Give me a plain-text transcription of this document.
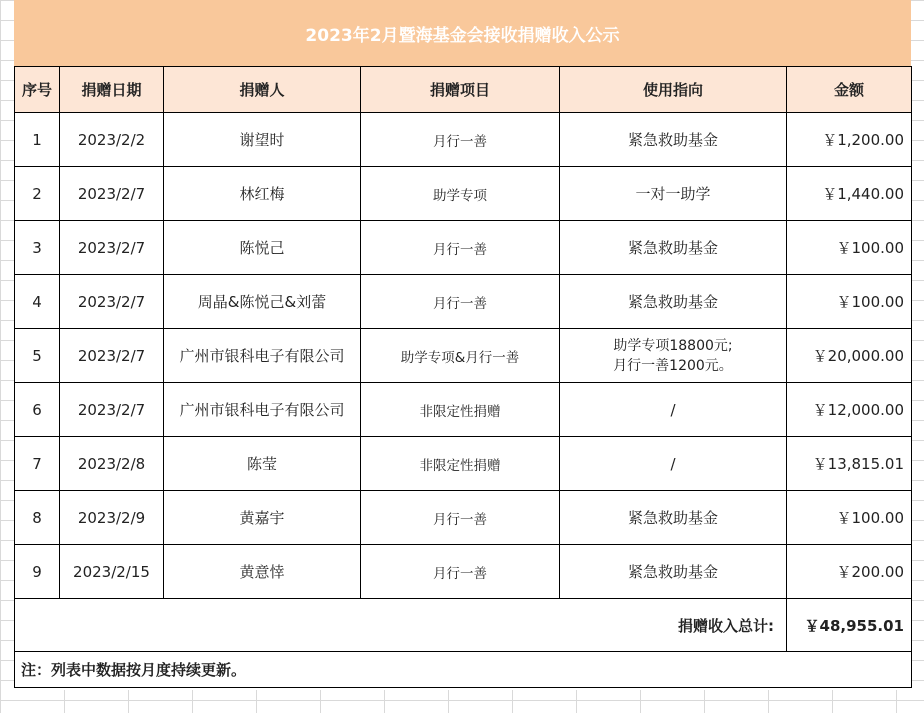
2023年2月暨海基金会接收捐赠收入公示
序号	捐赠日期	捐赠人	捐赠项目	使用指向	金额
1	2023/2/2	谢望时	月行一善	紧急救助基金	￥1,200.00
2	2023/2/7	林红梅	助学专项	一对一助学	￥1,440.00
3	2023/2/7	陈悦己	月行一善	紧急救助基金	￥100.00
4	2023/2/7	周晶&陈悦己&刘蕾	月行一善	紧急救助基金	￥100.00
5	2023/2/7	广州市银科电子有限公司	助学专项&月行一善	助学专项18800元;
月行一善1200元。	￥20,000.00
6	2023/2/7	广州市银科电子有限公司	非限定性捐赠	/	￥12,000.00
7	2023/2/8	陈莹	非限定性捐赠	/	￥13,815.01
8	2023/2/9	黄嘉宇	月行一善	紧急救助基金	￥100.00
9	2023/2/15	黄意悻	月行一善	紧急救助基金	￥200.00
捐赠收入总计:					￥48,955.01
注：列表中数据按月度持续更新。					
